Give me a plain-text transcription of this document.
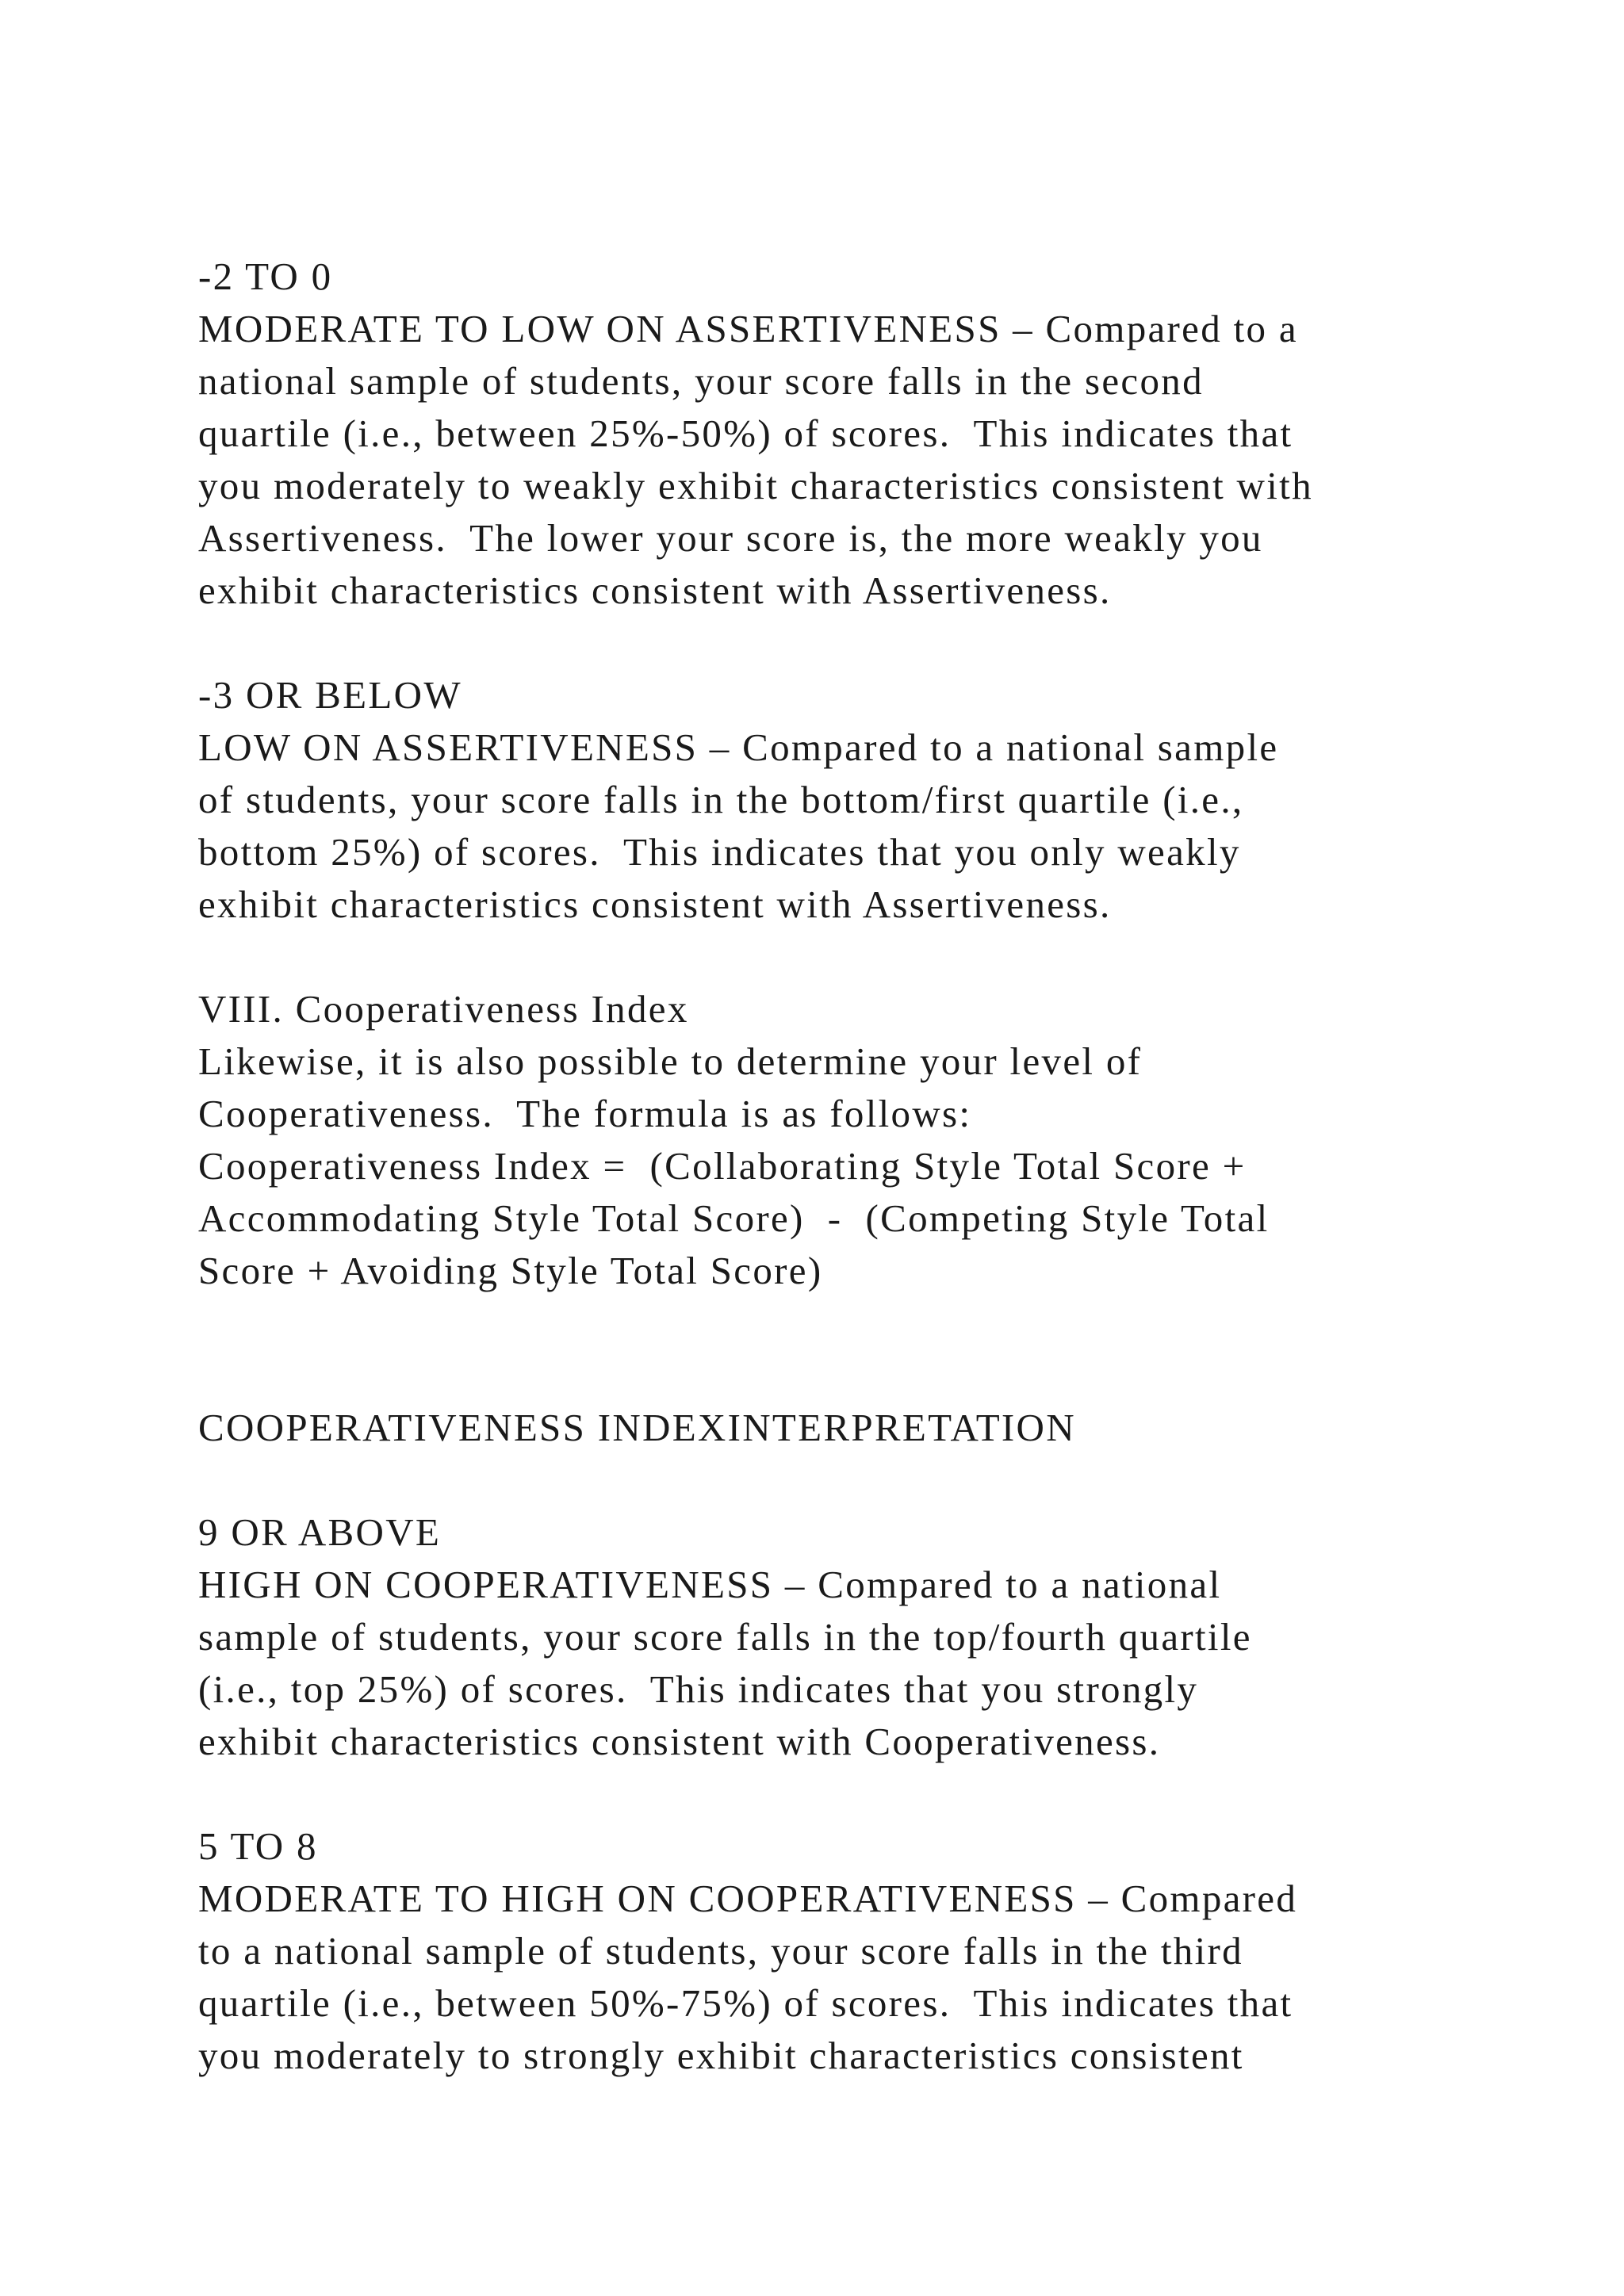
-2 TO 0

MODERATE TO LOW ON ASSERTIVENESS – Compared to a

national sample of students, your score falls in the second

quartile (i.e., between 25%-50%) of scores.  This indicates that

you moderately to weakly exhibit characteristics consistent with

Assertiveness.  The lower your score is, the more weakly you

exhibit characteristics consistent with Assertiveness.

-3 OR BELOW

LOW ON ASSERTIVENESS – Compared to a national sample

of students, your score falls in the bottom/first quartile (i.e.,

bottom 25%) of scores.  This indicates that you only weakly

exhibit characteristics consistent with Assertiveness.

VIII. Cooperativeness Index

Likewise, it is also possible to determine your level of

Cooperativeness.  The formula is as follows:

Cooperativeness Index =  (Collaborating Style Total Score +

Accommodating Style Total Score)  -  (Competing Style Total

Score + Avoiding Style Total Score)

COOPERATIVENESS INDEXINTERPRETATION

9 OR ABOVE

HIGH ON COOPERATIVENESS – Compared to a national

sample of students, your score falls in the top/fourth quartile

(i.e., top 25%) of scores.  This indicates that you strongly

exhibit characteristics consistent with Cooperativeness.

5 TO 8

MODERATE TO HIGH ON COOPERATIVENESS – Compared

to a national sample of students, your score falls in the third

quartile (i.e., between 50%-75%) of scores.  This indicates that

you moderately to strongly exhibit characteristics consistent
